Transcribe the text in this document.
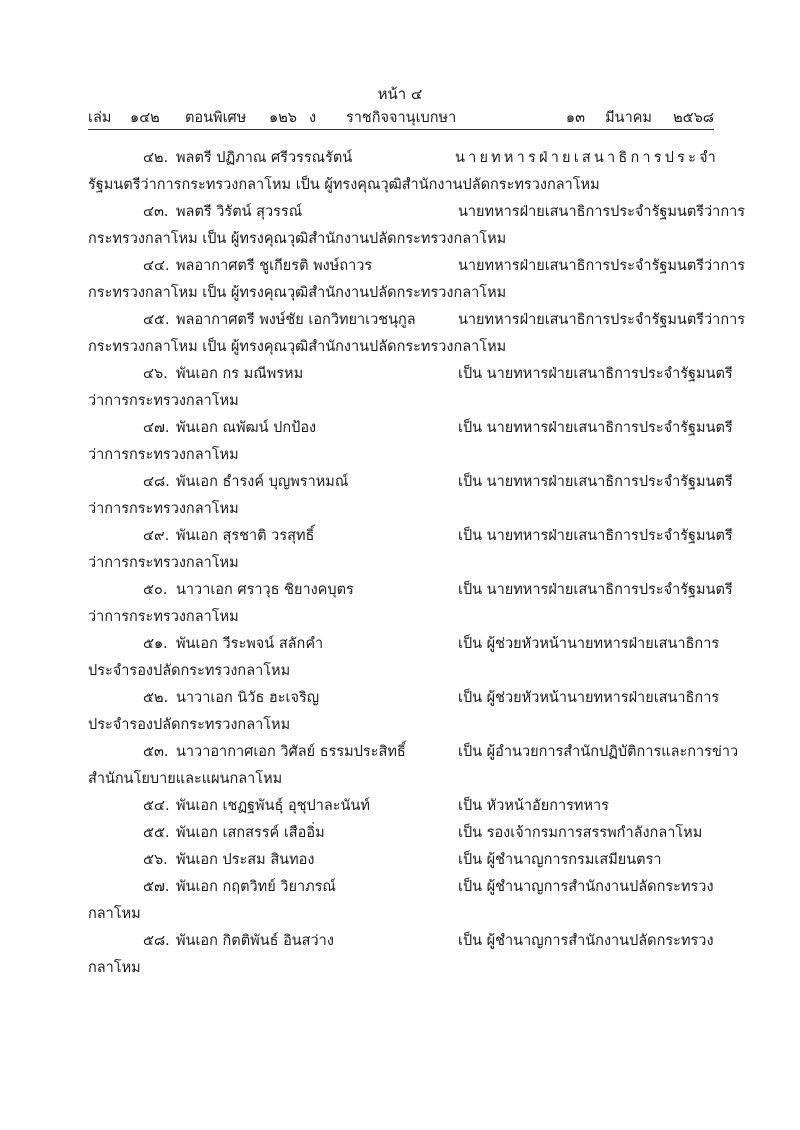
หน้า ๔
เล่ม ๑๔๒ ตอนพิเศษ ๑๒๖ ง ราชกิจจานุเบกษา	๑๓ มีนาคม ๒๕๖๘
๔๒. พลตรี ปฏิภาณ ศรีวรรณรัตน์	นายทหารฝ่ายเสนาธิการประจำ
รัฐมนตรีว่าการกระทรวงกลาโหม เป็น ผู้ทรงคุณวุฒิสำนักงานปลัดกระทรวงกลาโหม
๔๓. พลตรี วิรัตน์ สุวรรณ์	นายทหารฝ่ายเสนาธิการประจำรัฐมนตรีว่าการ
กระทรวงกลาโหม เป็น ผู้ทรงคุณวุฒิสำนักงานปลัดกระทรวงกลาโหม
๔๔. พลอากาศตรี ชูเกียรติ พงษ์ถาวร	นายทหารฝ่ายเสนาธิการประจำรัฐมนตรีว่าการ
กระทรวงกลาโหม เป็น ผู้ทรงคุณวุฒิสำนักงานปลัดกระทรวงกลาโหม
๔๕. พลอากาศตรี พงษ์ชัย เอกวิทยาเวชนุกูล	นายทหารฝ่ายเสนาธิการประจำรัฐมนตรีว่าการ
กระทรวงกลาโหม เป็น ผู้ทรงคุณวุฒิสำนักงานปลัดกระทรวงกลาโหม
๔๖. พันเอก กร มณีพรหม	เป็น นายทหารฝ่ายเสนาธิการประจำรัฐมนตรี
ว่าการกระทรวงกลาโหม
๔๗. พันเอก ณพัฒน์ ปกป้อง	เป็น นายทหารฝ่ายเสนาธิการประจำรัฐมนตรี
ว่าการกระทรวงกลาโหม
๔๘. พันเอก ธำรงค์ บุญพราหมณ์	เป็น นายทหารฝ่ายเสนาธิการประจำรัฐมนตรี
ว่าการกระทรวงกลาโหม
๔๙. พันเอก สุรชาติ วรสุทธิ์	เป็น นายทหารฝ่ายเสนาธิการประจำรัฐมนตรี
ว่าการกระทรวงกลาโหม
๕๐. นาวาเอก ศราวุธ ชิยางคบุตร	เป็น นายทหารฝ่ายเสนาธิการประจำรัฐมนตรี
ว่าการกระทรวงกลาโหม
๕๑. พันเอก วีระพจน์ สลักคำ	เป็น ผู้ช่วยหัวหน้านายทหารฝ่ายเสนาธิการ
ประจำรองปลัดกระทรวงกลาโหม
๕๒. นาวาเอก นิวัธ ฮะเจริญ	เป็น ผู้ช่วยหัวหน้านายทหารฝ่ายเสนาธิการ
ประจำรองปลัดกระทรวงกลาโหม
๕๓. นาวาอากาศเอก วิศัลย์ ธรรมประสิทธิ์	เป็น ผู้อำนวยการสำนักปฏิบัติการและการข่าว
สำนักนโยบายและแผนกลาโหม
๕๔. พันเอก เชฏฐพันธุ์ อุชุปาละนันท์	เป็น หัวหน้าอัยการทหาร
๕๕. พันเอก เสกสรรค์ เสืออิ่ม	เป็น รองเจ้ากรมการสรรพกำลังกลาโหม
๕๖. พันเอก ประสม สินทอง	เป็น ผู้ชำนาญการกรมเสมียนตรา
๕๗. พันเอก กฤตวิทย์ วิยาภรณ์	เป็น ผู้ชำนาญการสำนักงานปลัดกระทรวง
กลาโหม
๕๘. พันเอก กิตติพันธ์ อินสว่าง	เป็น ผู้ชำนาญการสำนักงานปลัดกระทรวง
กลาโหม
